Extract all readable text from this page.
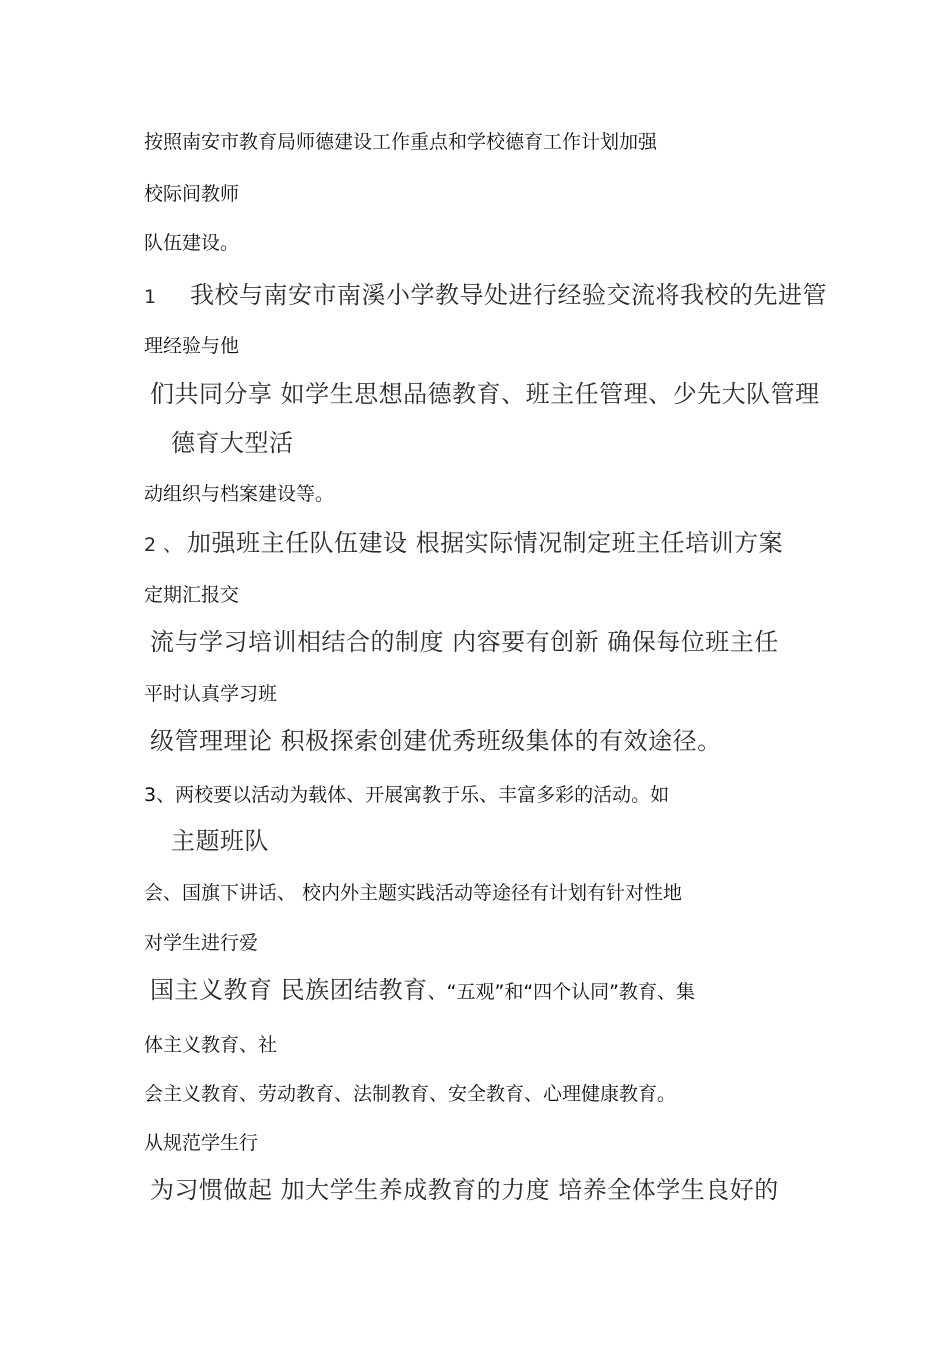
按照南安市教育局师德建设工作重点和学校德育工作计划加强
校际间教师
队伍建设。
1 我校与南安市南溪小学教导处进行经验交流将我校的先进管
理经验与他
们共同分享 如学生思想品德教育、班主任管理、少先大队管理
德育大型活
动组织与档案建设等。
2 、 加强班主任队伍建设 根据实际情况制定班主任培训方案
定期汇报交
流与学习培训相结合的制度 内容要有创新 确保每位班主任
平时认真学习班
级管理理论 积极探索创建优秀班级集体的有效途径。
3、两校要以活动为载体、开展寓教于乐、丰富多彩的活动。如
主题班队
会、国旗下讲话、 校内外主题实践活动等途径有计划有针对性地
对学生进行爱
国主义教育 民族团结教育、“五观”和“四个认同”教育、集
体主义教育、社
会主义教育、劳动教育、法制教育、安全教育、心理健康教育。
从规范学生行
为习惯做起 加大学生养成教育的力度 培养全体学生良好的
